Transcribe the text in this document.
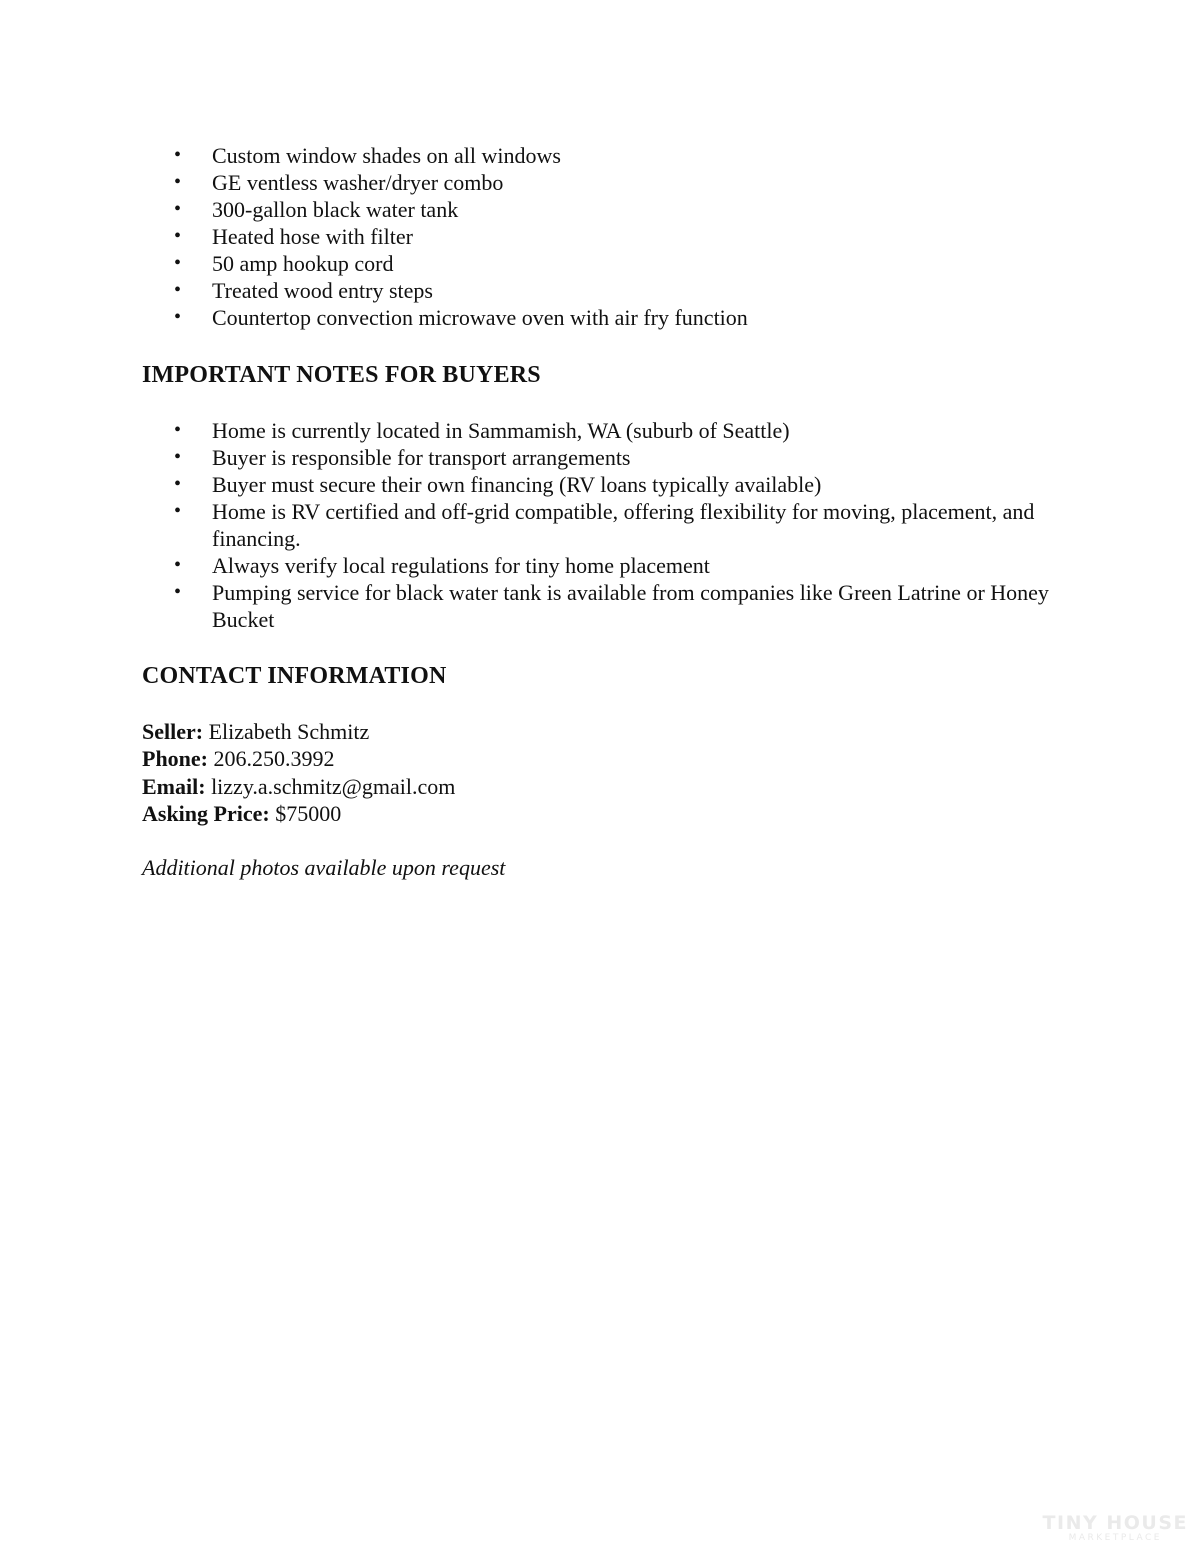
• Custom window shades on all windows
• GE ventless washer/dryer combo
• 300-gallon black water tank
• Heated hose with filter
• 50 amp hookup cord
• Treated wood entry steps
• Countertop convection microwave oven with air fry function
IMPORTANT NOTES FOR BUYERS
• Home is currently located in Sammamish, WA (suburb of Seattle)
• Buyer is responsible for transport arrangements
• Buyer must secure their own financing (RV loans typically available)
• Home is RV certified and off-grid compatible, offering flexibility for moving, placement, and financing.
• Always verify local regulations for tiny home placement
• Pumping service for black water tank is available from companies like Green Latrine or Honey Bucket
CONTACT INFORMATION
Seller: Elizabeth Schmitz
Phone: 206.250.3992
Email: lizzy.a.schmitz@gmail.com
Asking Price: $75000
Additional photos available upon request
TINY HOUSE
MARKETPLACE
